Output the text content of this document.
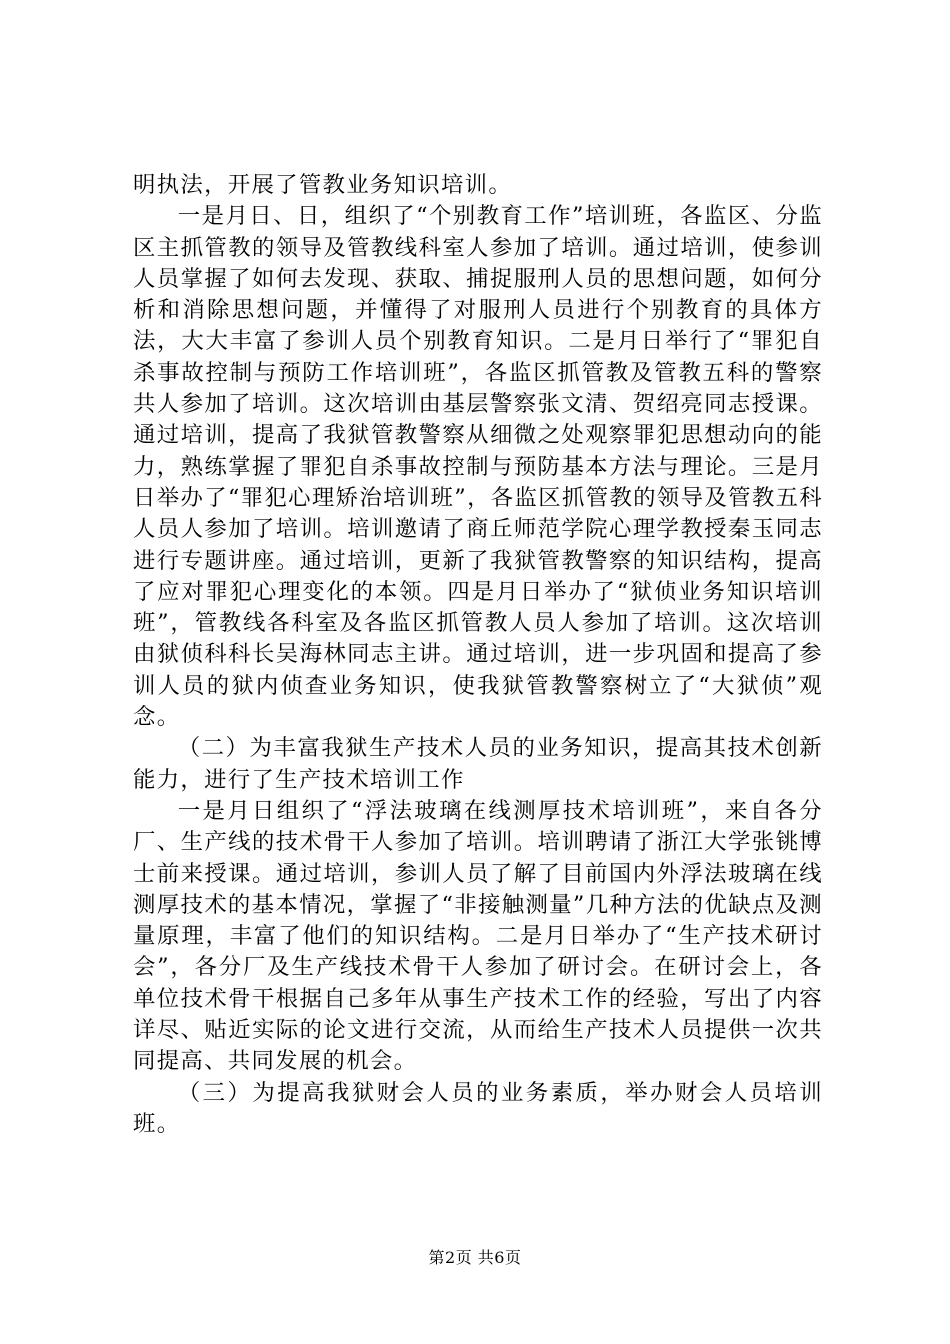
明执法，开展了管教业务知识培训。

一是月日、日，组织了“个别教育工作”培训班，各监区、分监区主抓管教的领导及管教线科室人参加了培训。通过培训，使参训人员掌握了如何去发现、获取、捕捉服刑人员的思想问题，如何分析和消除思想问题，并懂得了对服刑人员进行个别教育的具体方法，大大丰富了参训人员个别教育知识。二是月日举行了“罪犯自杀事故控制与预防工作培训班”，各监区抓管教及管教五科的警察共人参加了培训。这次培训由基层警察张文清、贺绍亮同志授课。通过培训，提高了我狱管教警察从细微之处观察罪犯思想动向的能力，熟练掌握了罪犯自杀事故控制与预防基本方法与理论。三是月日举办了“罪犯心理矫治培训班”，各监区抓管教的领导及管教五科人员人参加了培训。培训邀请了商丘师范学院心理学教授秦玉同志进行专题讲座。通过培训，更新了我狱管教警察的知识结构，提高了应对罪犯心理变化的本领。四是月日举办了“狱侦业务知识培训班”，管教线各科室及各监区抓管教人员人参加了培训。这次培训由狱侦科科长吴海林同志主讲。通过培训，进一步巩固和提高了参训人员的狱内侦查业务知识，使我狱管教警察树立了“大狱侦”观念。

（二）为丰富我狱生产技术人员的业务知识，提高其技术创新能力，进行了生产技术培训工作

一是月日组织了“浮法玻璃在线测厚技术培训班”，来自各分厂、生产线的技术骨干人参加了培训。培训聘请了浙江大学张铫博士前来授课。通过培训，参训人员了解了目前国内外浮法玻璃在线测厚技术的基本情况，掌握了“非接触测量”几种方法的优缺点及测量原理，丰富了他们的知识结构。二是月日举办了“生产技术研讨会”，各分厂及生产线技术骨干人参加了研讨会。在研讨会上，各单位技术骨干根据自己多年从事生产技术工作的经验，写出了内容详尽、贴近实际的论文进行交流，从而给生产技术人员提供一次共同提高、共同发展的机会。

（三）为提高我狱财会人员的业务素质，举办财会人员培训班。

第2页 共6页
